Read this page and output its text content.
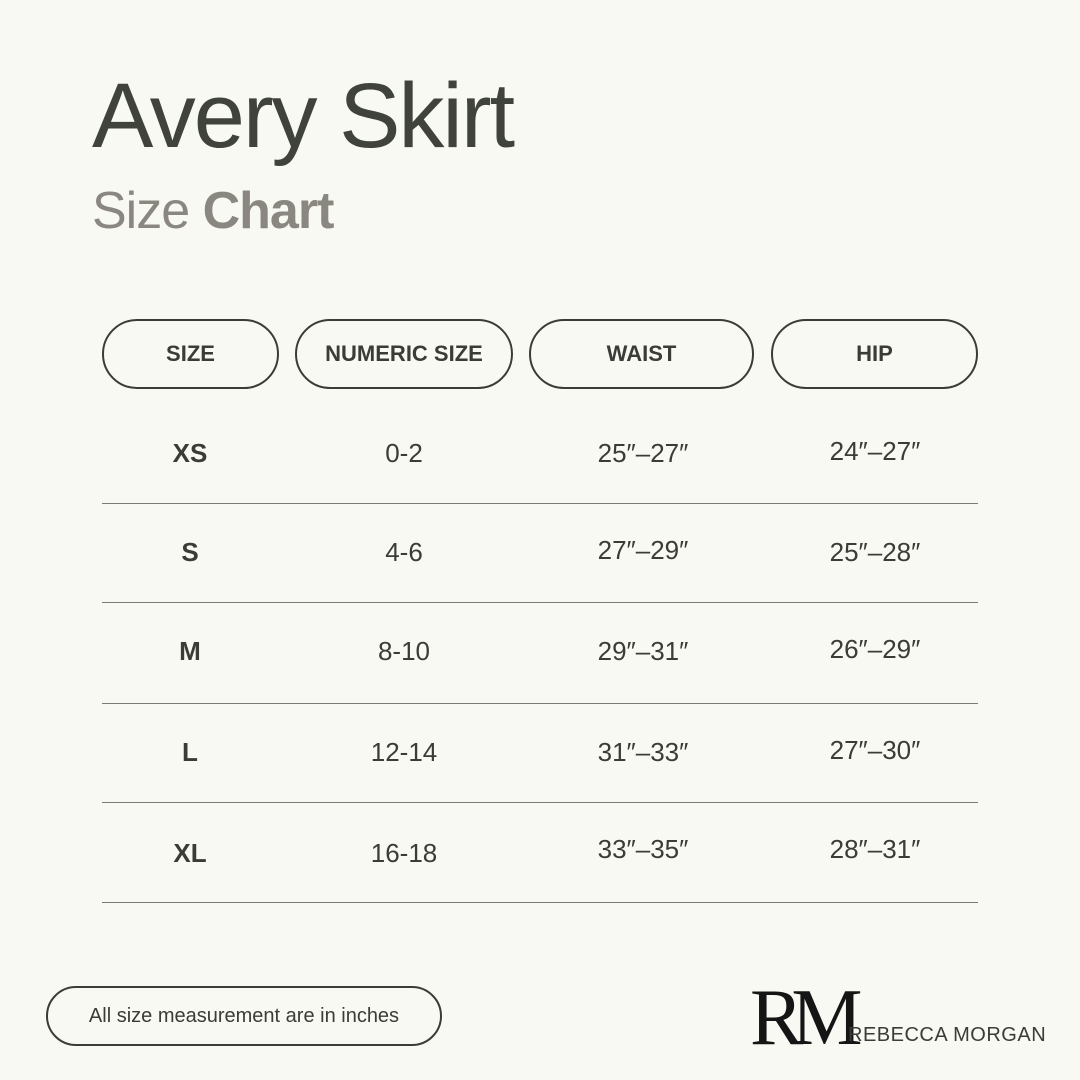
Avery Skirt
Size Chart
SIZE	NUMERIC SIZE	WAIST	HIP
XS	0-2	25″–27″	24″–27″
S	4-6	27″–29″	25″–28″
M	8-10	29″–31″	26″–29″
L	12-14	31″–33″	27″–30″
XL	16-18	33″–35″	28″–31″
All size measurement are in inches	RM
REBECCA MORGAN
